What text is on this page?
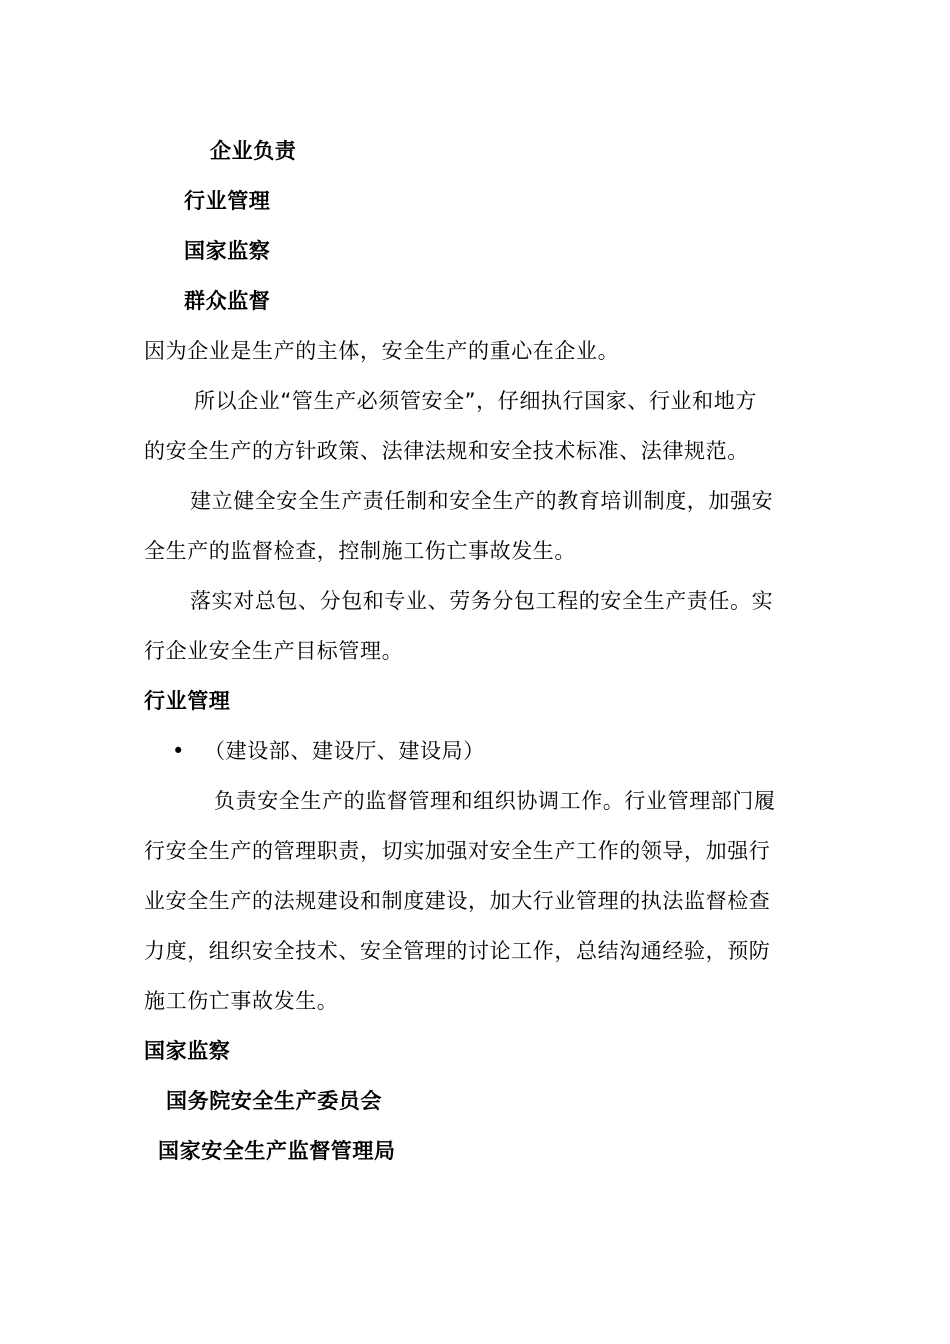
企业负责
行业管理
国家监察
群众监督
因为企业是生产的主体，安全生产的重心在企业。
所以企业“管生产必须管安全”，仔细执行国家、行业和地方
的安全生产的方针政策、法律法规和安全技术标准、法律规范。
建立健全安全生产责任制和安全生产的教育培训制度，加强安
全生产的监督检查，控制施工伤亡事故发生。
落实对总包、分包和专业、劳务分包工程的安全生产责任。实
行企业安全生产目标管理。
行业管理
• （建设部、建设厅、建设局）
负责安全生产的监督管理和组织协调工作。行业管理部门履
行安全生产的管理职责，切实加强对安全生产工作的领导，加强行
业安全生产的法规建设和制度建设，加大行业管理的执法监督检查
力度，组织安全技术、安全管理的讨论工作，总结沟通经验，预防
施工伤亡事故发生。
国家监察
国务院安全生产委员会
国家安全生产监督管理局
